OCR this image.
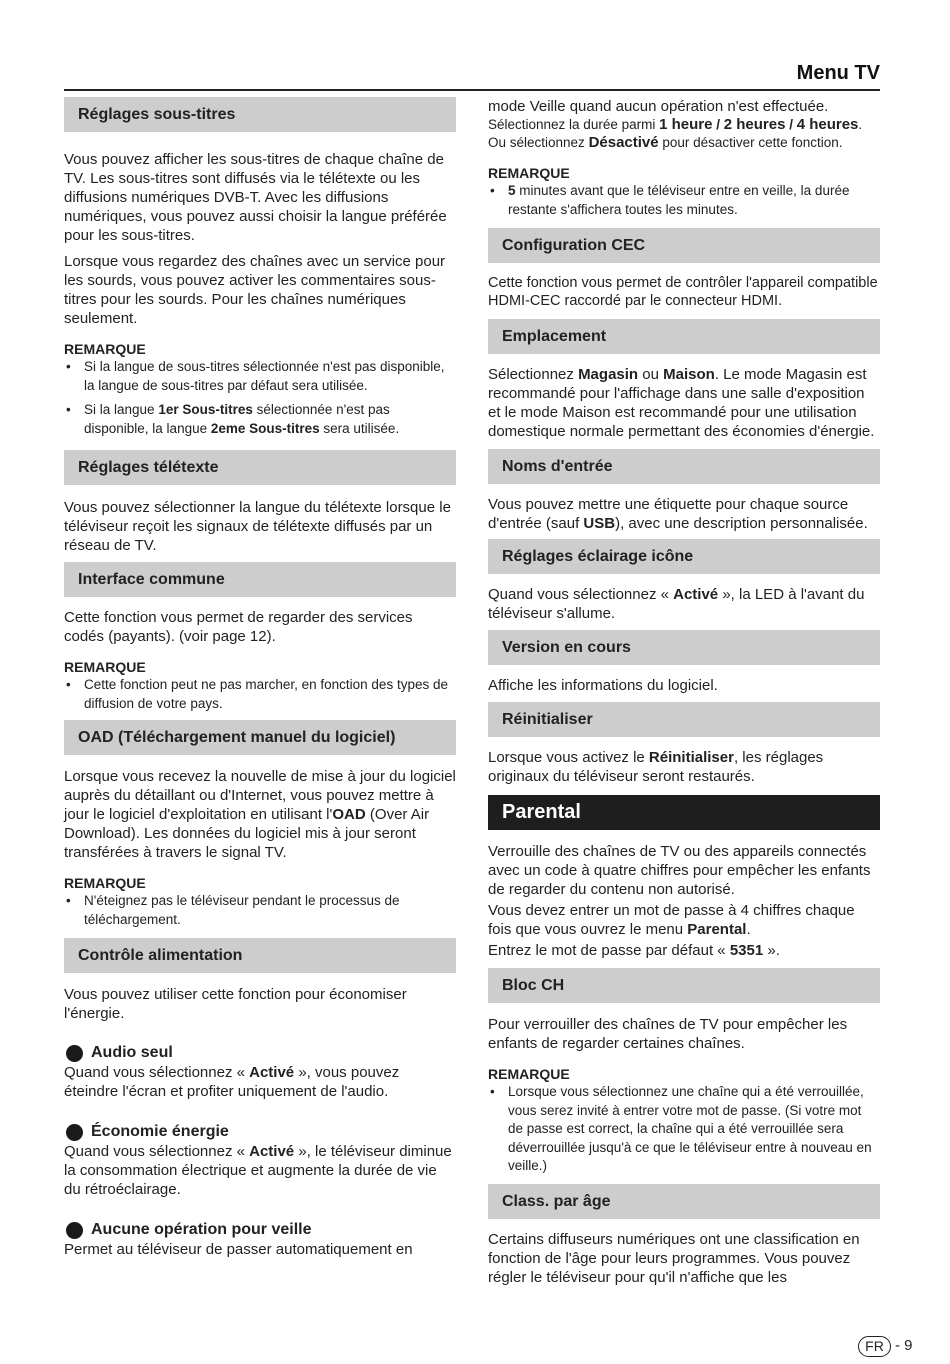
Menu TV
Réglages sous-titres

Vous pouvez afficher les sous-titres de chaque chaîne de TV. Les sous-titres sont diffusés via le télétexte ou les diffusions numériques DVB-T. Avec les diffusions numériques, vous pouvez aussi choisir la langue préférée pour les sous-titres.

Lorsque vous regardez des chaînes avec un service pour les sourds, vous pouvez activer les commentaires sous-titres pour les sourds. Pour les chaînes numériques seulement.

REMARQUE
• Si la langue de sous-titres sélectionnée n'est pas disponible, la langue de sous-titres par défaut sera utilisée.
• Si la langue 1er Sous-titres sélectionnée n'est pas disponible, la langue 2eme Sous-titres sera utilisée.
Réglages télétexte

Vous pouvez sélectionner la langue du télétexte lorsque le téléviseur reçoit les signaux de télétexte diffusés par un réseau de TV.

Interface commune

Cette fonction vous permet de regarder des services codés (payants). (voir page 12).

REMARQUE
• Cette fonction peut ne pas marcher, en fonction des types de diffusion de votre pays.
OAD (Téléchargement manuel du logiciel)

Lorsque vous recevez la nouvelle de mise à jour du logiciel auprès du détaillant ou d'Internet, vous pouvez mettre à jour le logiciel d'exploitation en utilisant l'OAD (Over Air Download). Les données du logiciel mis à jour seront transférées à travers le signal TV.

REMARQUE
• N'éteignez pas le téléviseur pendant le processus de téléchargement.
Contrôle alimentation

Vous pouvez utiliser cette fonction pour économiser l'énergie.

Audio seul

Quand vous sélectionnez « Activé », vous pouvez éteindre l'écran et profiter uniquement de l'audio.

Économie énergie

Quand vous sélectionnez « Activé », le téléviseur diminue la consommation électrique et augmente la durée de vie du rétroéclairage.

Aucune opération pour veille

Permet au téléviseur de passer automatiquement en

mode Veille quand aucun opération n'est effectuée.

Sélectionnez la durée parmi 1 heure / 2 heures / 4 heures.

Ou sélectionnez Désactivé pour désactiver cette fonction.

REMARQUE
• 5 minutes avant que le téléviseur entre en veille, la durée restante s'affichera toutes les minutes.
Configuration CEC

Cette fonction vous permet de contrôler l'appareil compatible HDMI-CEC raccordé par le connecteur HDMI.

Emplacement

Sélectionnez Magasin ou Maison. Le mode Magasin est recommandé pour l'affichage dans une salle d'exposition et le mode Maison est recommandé pour une utilisation domestique normale permettant des économies d'énergie.

Noms d'entrée

Vous pouvez mettre une étiquette pour chaque source d'entrée (sauf USB), avec une description personnalisée.

Réglages éclairage icône

Quand vous sélectionnez « Activé », la LED à l'avant du téléviseur s'allume.

Version en cours

Affiche les informations du logiciel.

Réinitialiser

Lorsque vous activez le Réinitialiser, les réglages originaux du téléviseur seront restaurés.

Parental

Verrouille des chaînes de TV ou des appareils connectés avec un code à quatre chiffres pour empêcher les enfants de regarder du contenu non autorisé.

Vous devez entrer un mot de passe à 4 chiffres chaque fois que vous ouvrez le menu Parental.

Entrez le mot de passe par défaut « 5351 ».

Bloc CH

Pour verrouiller des chaînes de TV pour empêcher les enfants de regarder certaines chaînes.

REMARQUE
• Lorsque vous sélectionnez une chaîne qui a été verrouillée, vous serez invité à entrer votre mot de passe. (Si votre mot de passe est correct, la chaîne qui a été verrouillée sera déverrouillée jusqu'à ce que le téléviseur entre à nouveau en veille.)
Class. par âge

Certains diffuseurs numériques ont une classification en fonction de l'âge pour leurs programmes. Vous pouvez régler le téléviseur pour qu'il n'affiche que les

FR - 9
